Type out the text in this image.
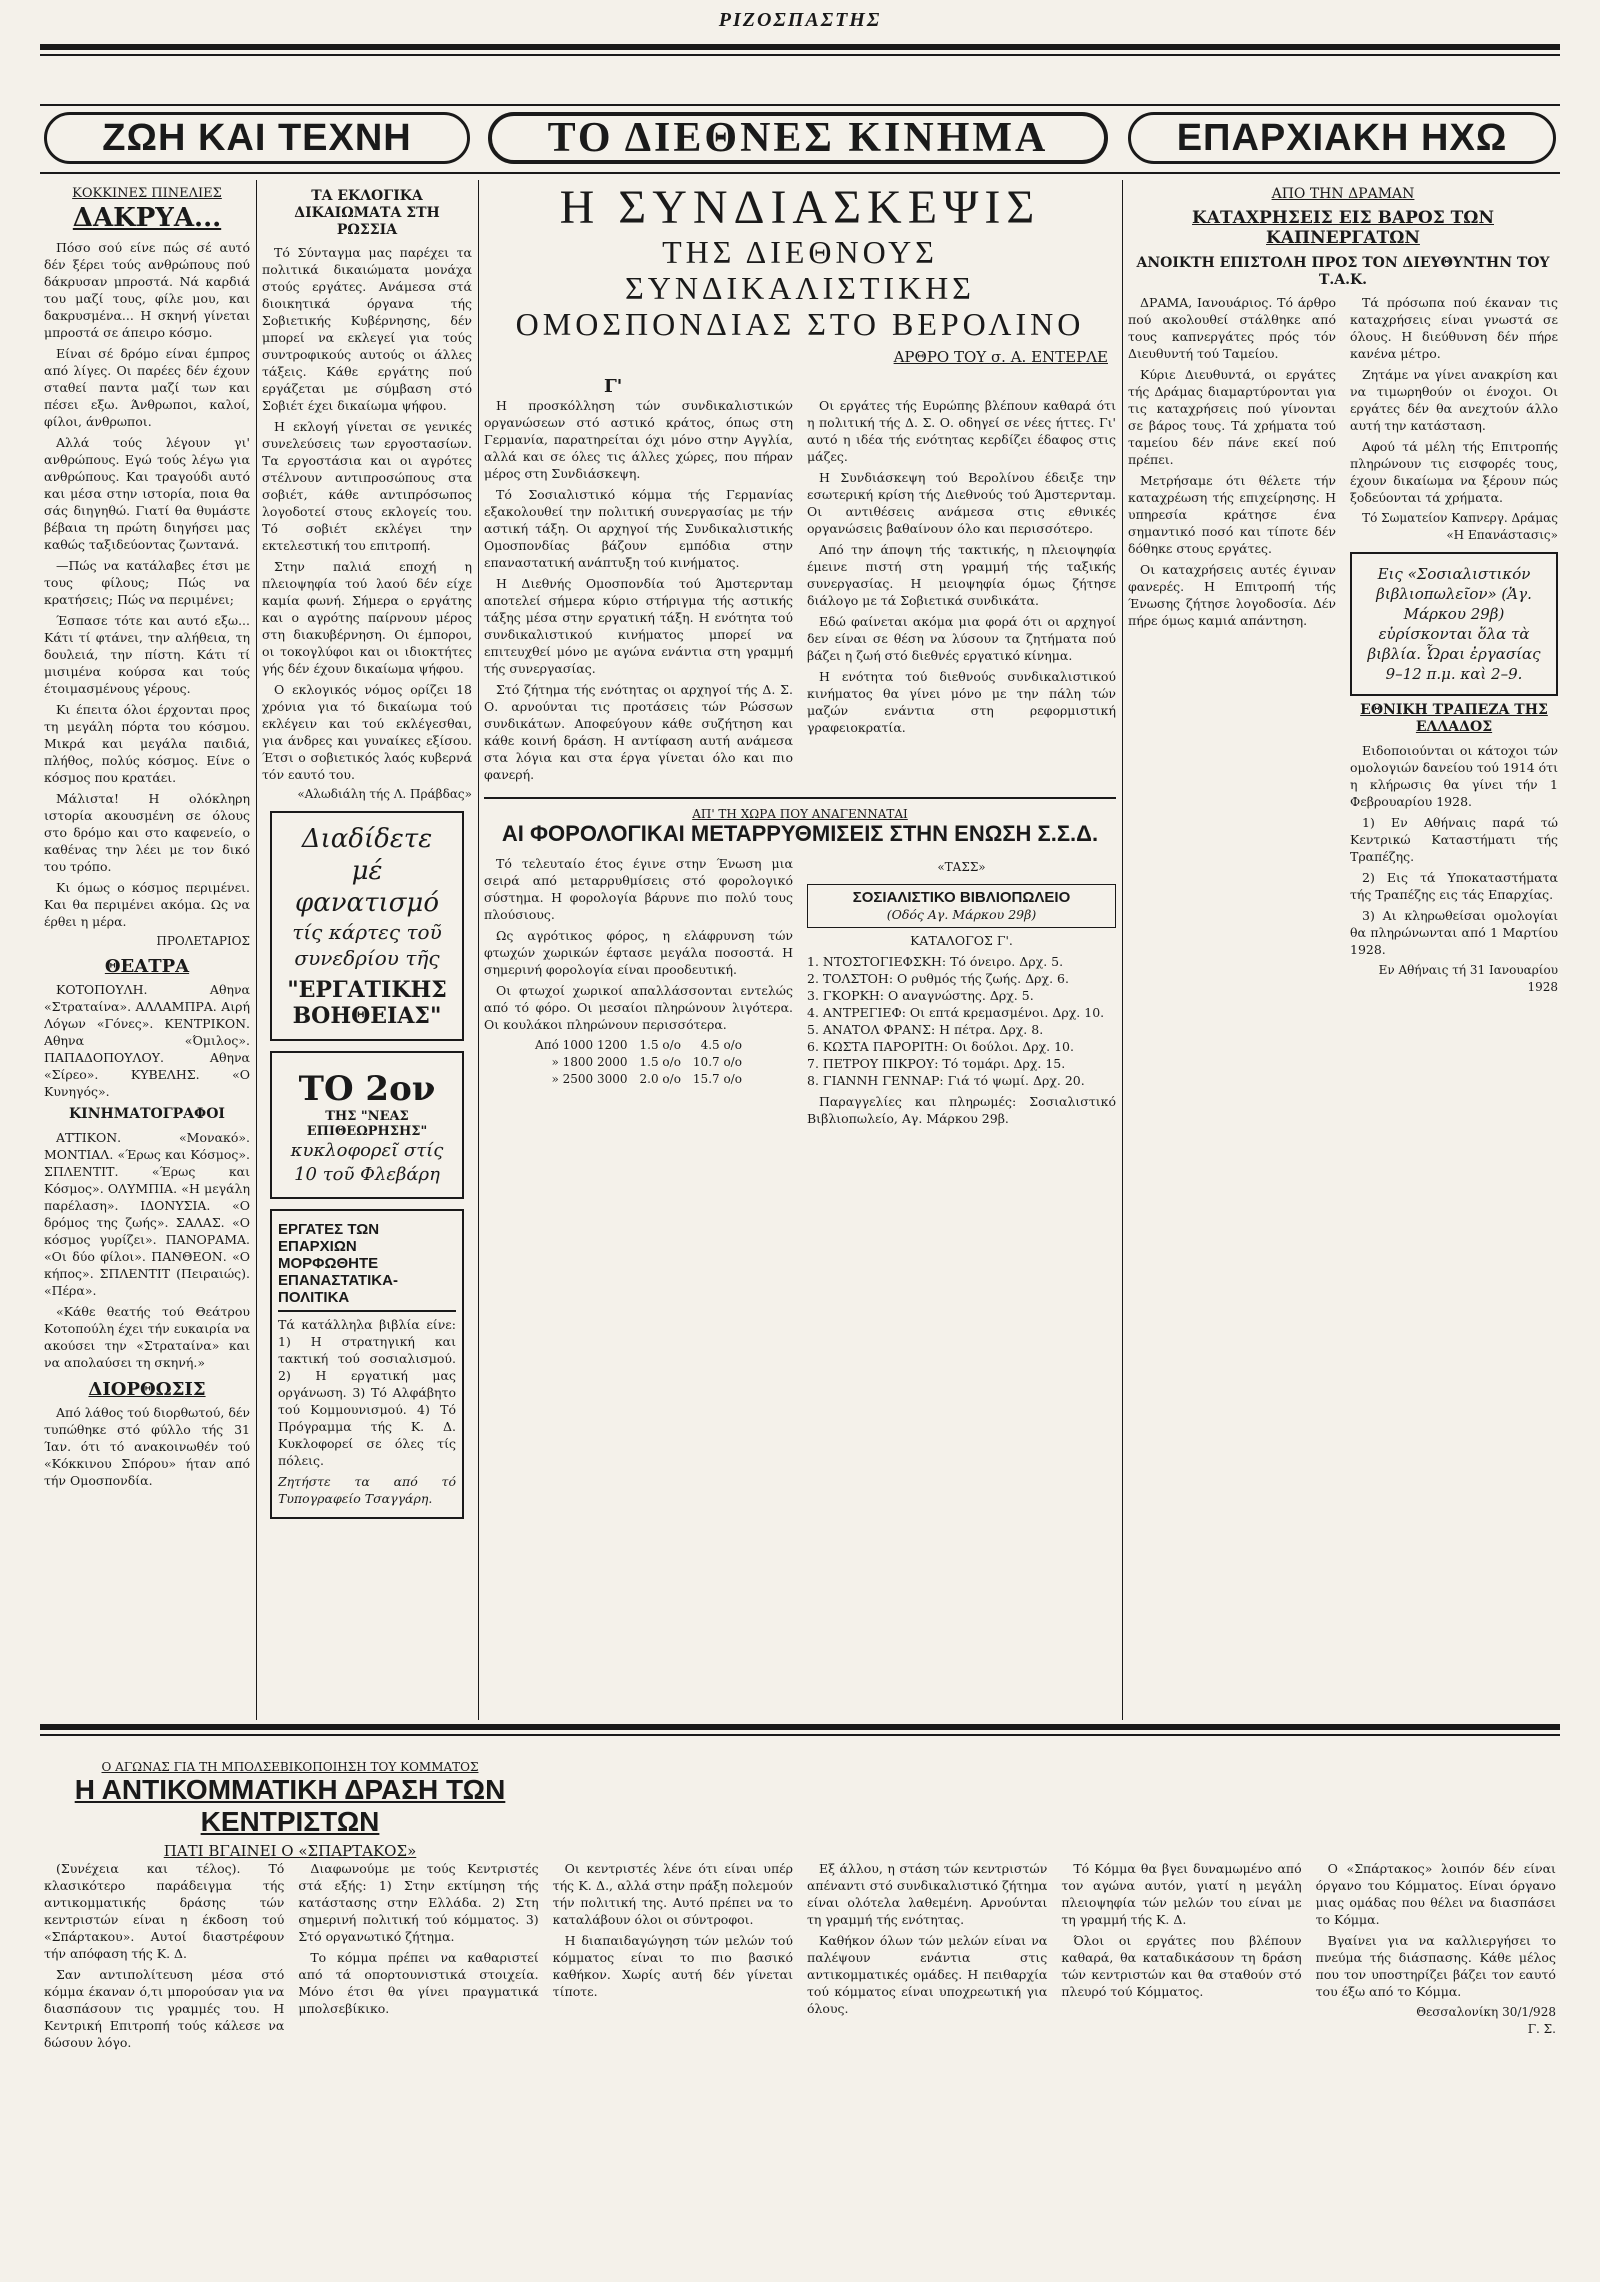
ΡΙΖΟΣΠΑΣΤΗΣ
ΖΩΗ ΚΑΙ ΤΕΧΝΗ	ΤΟ ΔΙΕΘΝΕΣ ΚΙΝΗΜΑ	ΕΠΑΡΧΙΑΚΗ ΗΧΩ
ΚΟΚΚΙΝΕΣ ΠΙΝΕΛΙΕΣ
ΔΑΚΡΥΑ...

Πόσο σού είνε πώς σέ αυτό δέν ξέρει τούς ανθρώπους πού δάκρυσαν μπροστά. Νά καρδιά του μαζί τους, φίλε μου, και δακρυσμένα... Η σκηνή γίνεται μπροστά σε άπειρο κόσμο.

Είναι σέ δρόμο είναι έμπρος από λίγες. Οι παρέες δέν έχουν σταθεί παντα μαζί των και πέσει εξω. Άνθρωποι, καλοί, φίλοι, άνθρωποι.

Αλλά τούς λέγουν γι' ανθρώπους. Εγώ τούς λέγω για ανθρώπους. Και τραγούδι αυτό και μέσα στην ιστορία, ποια θα σάς διηγηθώ. Γιατί θα θυμάστε βέβαια τη πρώτη διηγήσει μας καθώς ταξιδεύοντας ζωντανά.

—Πώς να κατάλαβες έτσι με τους φίλους; Πώς να κρατήσεις; Πώς να περιμένει;

Έσπασε τότε και αυτό εξω... Κάτι τί φτάνει, την αλήθεια, τη δουλειά, την πίστη. Κάτι τί μισιμένα κούρσα και τούς έτοιμασμένους γέρους.

Κι έπειτα όλοι έρχονται προς τη μεγάλη πόρτα του κόσμου. Μικρά και μεγάλα παιδιά, πλήθος, πολύς κόσμος. Είνε ο κόσμος που κρατάει.

Μάλιστα! Η ολόκληρη ιστορία ακουσμένη σε όλους στο δρόμο και στο καφενείο, ο καθένας την λέει με τον δικό του τρόπο.

Κι όμως ο κόσμος περιμένει. Και θα περιμένει ακόμα. Ως να έρθει η μέρα.

ΠΡΟΛΕΤΑΡΙΟΣ
ΘΕΑΤΡΑ

ΚΟΤΟΠΟΥΛΗ. Αθηνα «Στραταίνα». ΑΛΛΑΜΠΡΑ. Αιρή Λόγων «Γόνες». ΚΕΝΤΡΙΚΟΝ. Αθηνα «Όμιλος». ΠΑΠΑΔΟΠΟΥΛΟΥ. Αθηνα «Σίρεο». ΚΥΒΕΛΗΣ. «Ο Κυνηγός».

ΚΙΝΗΜΑΤΟΓΡΑΦΟΙ

ΑΤΤΙΚΟΝ. «Μονακό». ΜΟΝΤΙΑΛ. «Έρως και Κόσμος». ΣΠΛΕΝΤΙΤ. «Έρως και Κόσμος». ΟΛΥΜΠΙΑ. «Η μεγάλη παρέλαση». ΙΔΟΝΥΣΙΑ. «Ο δρόμος της ζωής». ΣΑΛΑΣ. «Ο κόσμος γυρίζει». ΠΑΝΟΡΑΜΑ. «Οι δύο φίλοι». ΠΑΝΘΕΟΝ. «Ο κήπος». ΣΠΛΕΝΤΙΤ (Πειραιώς). «Πέρα».

«Κάθε θεατής τού Θεάτρου Κοτοπούλη έχει τήν ευκαιρία να ακούσει την «Στραταίνα» και να απολαύσει τη σκηνή.»

ΔΙΟΡΘΩΣΙΣ

Από λάθος τού διορθωτού, δέν τυπώθηκε στό φύλλο τής 31 Ίαν. ότι τό ανακοινωθέν τού «Κόκκινου Σπόρου» ήταν από τήν Ομοσπονδία.

ΤΑ ΕΚΛΟΓΙΚΑ ΔΙΚΑΙΩΜΑΤΑ ΣΤΗ ΡΩΣΣΙΑ

Τό Σύνταγμα μας παρέχει τα πολιτικά δικαιώματα μονάχα στούς εργάτες. Ανάμεσα στά διοικητικά όργανα τής Σοβιετικής Κυβέρνησης, δέν μπορεί να εκλεγεί για τούς συντροφικούς αυτούς οι άλλες τάξεις. Κάθε εργάτης πού εργάζεται με σύμβαση στό Σοβιέτ έχει δικαίωμα ψήφου.

Η εκλογή γίνεται σε γενικές συνελεύσεις των εργοστασίων. Τα εργοστάσια και οι αγρότες στέλνουν αντιπροσώπους στα σοβιέτ, κάθε αντιπρόσωπος λογοδοτεί στους εκλογείς του. Τό σοβιέτ εκλέγει την εκτελεστική του επιτροπή.

Στην παλιά εποχή η πλειοψηφία τού λαού δέν είχε καμία φωνή. Σήμερα ο εργάτης και ο αγρότης παίρνουν μέρος στη διακυβέρνηση. Οι έμποροι, οι τοκογλύφοι και οι ιδιοκτήτες γής δέν έχουν δικαίωμα ψήφου.

Ο εκλογικός νόμος ορίζει 18 χρόνια για τό δικαίωμα τού εκλέγειν και τού εκλέγεσθαι, για άνδρες και γυναίκες εξίσου. Έτσι ο σοβιετικός λαός κυβερνά τόν εαυτό του.

«Αλωδιάλη τής Λ. Πράβδας»
Διαδίδετε
μέ φανατισμό
τίς κάρτες τοῦ συνεδρίου τῆς
"ΕΡΓΑΤΙΚΗΣ ΒΟΗΘΕΙΑΣ"
ΤΟ 2ον
ΤΗΣ "ΝΕΑΣ ΕΠΙΘΕΩΡΗΣΗΣ"
κυκλοφορεῖ στίς 10 τοῦ Φλεβάρη
ΕΡΓΑΤΕΣ ΤΩΝ ΕΠΑΡΧΙΩΝ ΜΟΡΦΩΘΗΤΕ ΕΠΑΝΑΣΤΑΤΙΚΑ-ΠΟΛΙΤΙΚΑ
Τά κατάλληλα βιβλία είνε: 1) Η στρατηγική και τακτική τού σοσιαλισμού. 2) Η εργατική μας οργάνωση. 3) Τό Αλφάβητο τού Κομμουνισμού. 4) Τό Πρόγραμμα τής Κ. Δ. Κυκλοφορεί σε όλες τίς πόλεις.
Ζητήστε τα από τό Τυπογραφείο Τσαγγάρη.
Η ΣΥΝΔΙΑΣΚΕΨΙΣ
ΤΗΣ ΔΙΕΘΝΟΥΣ ΣΥΝΔΙΚΑΛΙΣΤΙΚΗΣ
ΟΜΟΣΠΟΝΔΙΑΣ ΣΤΟ ΒΕΡΟΛΙΝΟ
ΑΡΘΡΟ ΤΟΥ σ. Α. ΕΝΤΕΡΛΕ
Γ'

Η προσκόλληση τών συνδικαλιστικών οργανώσεων στό αστικό κράτος, όπως στη Γερμανία, παρατηρείται όχι μόνο στην Αγγλία, αλλά και σε όλες τις άλλες χώρες, που πήραν μέρος στη Συνδιάσκεψη.

Τό Σοσιαλιστικό κόμμα τής Γερμανίας εξακολουθεί την πολιτική συνεργασίας με τήν αστική τάξη. Οι αρχηγοί τής Συνδικαλιστικής Ομοσπονδίας βάζουν εμπόδια στην επαναστατική ανάπτυξη τού κινήματος.

Η Διεθνής Ομοσπονδία τού Άμστερνταμ αποτελεί σήμερα κύριο στήριγμα τής αστικής τάξης μέσα στην εργατική τάξη. Η ενότητα τού συνδικαλιστικού κινήματος μπορεί να επιτευχθεί μόνο με αγώνα ενάντια στη γραμμή τής συνεργασίας.

Στό ζήτημα τής ενότητας οι αρχηγοί τής Δ. Σ. Ο. αρνούνται τις προτάσεις τών Ρώσσων συνδικάτων. Αποφεύγουν κάθε συζήτηση και κάθε κοινή δράση. Η αντίφαση αυτή ανάμεσα στα λόγια και στα έργα γίνεται όλο και πιο φανερή.

Οι εργάτες τής Ευρώπης βλέπουν καθαρά ότι η πολιτική τής Δ. Σ. Ο. οδηγεί σε νέες ήττες. Γι' αυτό η ιδέα τής ενότητας κερδίζει έδαφος στις μάζες.

Η Συνδιάσκεψη τού Βερολίνου έδειξε την εσωτερική κρίση τής Διεθνούς τού Άμστερνταμ. Οι αντιθέσεις ανάμεσα στις εθνικές οργανώσεις βαθαίνουν όλο και περισσότερο.

Από την άποψη τής τακτικής, η πλειοψηφία έμεινε πιστή στη γραμμή τής ταξικής συνεργασίας. Η μειοψηφία όμως ζήτησε διάλογο με τά Σοβιετικά συνδικάτα.

Εδώ φαίνεται ακόμα μια φορά ότι οι αρχηγοί δεν είναι σε θέση να λύσουν τα ζητήματα πού βάζει η ζωή στό διεθνές εργατικό κίνημα.

Η ενότητα τού διεθνούς συνδικαλιστικού κινήματος θα γίνει μόνο με την πάλη τών μαζών ενάντια στη ρεφορμιστική γραφειοκρατία.

ΑΠ' ΤΗ ΧΩΡΑ ΠΟΥ ΑΝΑΓΕΝΝΑΤΑΙ
ΑΙ ΦΟΡΟΛΟΓΙΚΑΙ ΜΕΤΑΡΡΥΘΜΙΣΕΙΣ ΣΤΗΝ ΕΝΩΣΗ Σ.Σ.Δ.

Τό τελευταίο έτος έγινε στην Ένωση μια σειρά από μεταρρυθμίσεις στό φορολογικό σύστημα. Η φορολογία βάρυνε πιο πολύ τους πλούσιους.

Ως αγρότικος φόρος, η ελάφρυνση τών φτωχών χωρικών έφτασε μεγάλα ποσοστά. Η σημερινή φορολογία είναι προοδευτική.

Οι φτωχοί χωρικοί απαλλάσσονται εντελώς από τό φόρο. Οι μεσαίοι πληρώνουν λιγότερα. Οι κουλάκοι πληρώνουν περισσότερα.

Από 1000 1200	1.5 ο/ο	4.5 ο/ο
» 1800 2000	1.5 ο/ο	10.7 ο/ο
» 2500 3000	2.0 ο/ο	15.7 ο/ο
«ΤΑΣΣ»
ΣΟΣΙΑΛΙΣΤΙΚΟ ΒΙΒΛΙΟΠΩΛΕΙΟ
(Οδός Αγ. Μάρκου 29β)
ΚΑΤΑΛΟΓΟΣ Γ'.
1. ΝΤΟΣΤΟΓΙΕΦΣΚΗ: Τό όνειρο. Δρχ. 5.
2. ΤΟΛΣΤΟΗ: Ο ρυθμός τής ζωής. Δρχ. 6.
3. ΓΚΟΡΚΗ: Ο αναγνώστης. Δρχ. 5.
4. ΑΝΤΡΕΓΙΕΦ: Οι επτά κρεμασμένοι. Δρχ. 10.
5. ΑΝΑΤΟΛ ΦΡΑΝΣ: Η πέτρα. Δρχ. 8.
6. ΚΩΣΤΑ ΠΑΡΟΡΙΤΗ: Οι δούλοι. Δρχ. 10.
7. ΠΕΤΡΟΥ ΠΙΚΡΟΥ: Τό τομάρι. Δρχ. 15.
8. ΓΙΑΝΝΗ ΓΕΝΝΑΡ: Γιά τό ψωμί. Δρχ. 20.

Παραγγελίες και πληρωμές: Σοσιαλιστικό Βιβλιοπωλείο, Αγ. Μάρκου 29β.

ΑΠΟ ΤΗΝ ΔΡΑΜΑΝ
ΚΑΤΑΧΡΗΣΕΙΣ ΕΙΣ ΒΑΡΟΣ ΤΩΝ ΚΑΠΝΕΡΓΑΤΩΝ
ΑΝΟΙΚΤΗ ΕΠΙΣΤΟΛΗ ΠΡΟΣ ΤΟΝ ΔΙΕΥΘΥΝΤΗΝ ΤΟΥ Τ.Α.Κ.

ΔΡΑΜΑ, Ιανουάριος. Τό άρθρο πού ακολουθεί στάλθηκε από τους καπνεργάτες πρός τόν Διευθυντή τού Ταμείου.

Κύριε Διευθυντά, οι εργάτες τής Δράμας διαμαρτύρονται για τις καταχρήσεις πού γίνονται σε βάρος τους. Τά χρήματα τού ταμείου δέν πάνε εκεί πού πρέπει.

Μετρήσαμε ότι θέλετε τήν καταχρέωση τής επιχείρησης. Η υπηρεσία κράτησε ένα σημαντικό ποσό και τίποτε δέν δόθηκε στους εργάτες.

Οι καταχρήσεις αυτές έγιναν φανερές. Η Επιτροπή τής Ένωσης ζήτησε λογοδοσία. Δέν πήρε όμως καμιά απάντηση.

Τά πρόσωπα πού έκαναν τις καταχρήσεις είναι γνωστά σε όλους. Η διεύθυνση δέν πήρε κανένα μέτρο.

Ζητάμε να γίνει ανακρίση και να τιμωρηθούν οι ένοχοι. Οι εργάτες δέν θα ανεχτούν άλλο αυτή την κατάσταση.

Αφού τά μέλη τής Επιτροπής πληρώνουν τις εισφορές τους, έχουν δικαίωμα να ξέρουν πώς ξοδεύονται τά χρήματα.

Τό Σωματείον Καπνεργ. Δράμας «Η Επανάστασις»
Εις «Σοσιαλιστικόν βιβλιοπωλεῖον» (Ἁγ. Μάρκου 29β) εὑρίσκονται ὅλα τὰ βιβλία. Ὧραι ἐργασίας 9–12 π.μ. καὶ 2–9.
ΕΘΝΙΚΗ ΤΡΑΠΕΖΑ ΤΗΣ ΕΛΛΑΔΟΣ

Ειδοποιούνται οι κάτοχοι τών ομολογιών δανείου τού 1914 ότι η κλήρωσις θα γίνει τήν 1 Φεβρουαρίου 1928.

1) Εν Αθήναις παρά τώ Κεντρικώ Καταστήματι τής Τραπέζης.

2) Εις τά Υποκαταστήματα τής Τραπέζης εις τάς Επαρχίας.

3) Αι κληρωθείσαι ομολογίαι θα πληρώνωνται από 1 Μαρτίου 1928.

Εν Αθήναις τή 31 Ιανουαρίου 1928
Ο ΑΓΩΝΑΣ ΓΙΑ ΤΗ ΜΠΟΛΣΕΒΙΚΟΠΟΙΗΣΗ ΤΟΥ ΚΟΜΜΑΤΟΣ
Η ΑΝΤΙΚΟΜΜΑΤΙΚΗ ΔΡΑΣΗ ΤΩΝ ΚΕΝΤΡΙΣΤΩΝ
ΠΑΤΙ ΒΓΑΙΝΕΙ Ο «ΣΠΑΡΤΑΚΟΣ»

(Συνέχεια και τέλος). Τό κλασικότερο παράδειγμα τής αντικομματικής δράσης τών κεντριστών είναι η έκδοση τού «Σπάρτακου». Αυτοί διαστρέφουν τήν απόφαση τής Κ. Δ.

Σαν αντιπολίτευση μέσα στό κόμμα έκαναν ό,τι μπορούσαν για να διασπάσουν τις γραμμές του. Η Κεντρική Επιτροπή τούς κάλεσε να δώσουν λόγο.

Διαφωνούμε με τούς Κεντριστές στά εξής: 1) Στην εκτίμηση τής κατάστασης στην Ελλάδα. 2) Στη σημερινή πολιτική τού κόμματος. 3) Στό οργανωτικό ζήτημα.

Το κόμμα πρέπει να καθαριστεί από τά οπορτουνιστικά στοιχεία. Μόνο έτσι θα γίνει πραγματικά μπολσεβίκικο.

Οι κεντριστές λένε ότι είναι υπέρ τής Κ. Δ., αλλά στην πράξη πολεμούν τήν πολιτική της. Αυτό πρέπει να το καταλάβουν όλοι οι σύντροφοι.

Η διαπαιδαγώγηση τών μελών τού κόμματος είναι το πιο βασικό καθήκον. Χωρίς αυτή δέν γίνεται τίποτε.

Εξ άλλου, η στάση τών κεντριστών απέναντι στό συνδικαλιστικό ζήτημα είναι ολότελα λαθεμένη. Αρνούνται τη γραμμή τής ενότητας.

Καθήκον όλων τών μελών είναι να παλέψουν ενάντια στις αντικομματικές ομάδες. Η πειθαρχία τού κόμματος είναι υποχρεωτική για όλους.

Τό Κόμμα θα βγει δυναμωμένο από τον αγώνα αυτόν, γιατί η μεγάλη πλειοψηφία τών μελών του είναι με τη γραμμή τής Κ. Δ.

Όλοι οι εργάτες που βλέπουν καθαρά, θα καταδικάσουν τη δράση τών κεντριστών και θα σταθούν στό πλευρό τού Κόμματος.

Ο «Σπάρτακος» λοιπόν δέν είναι όργανο του Κόμματος. Είναι όργανο μιας ομάδας που θέλει να διασπάσει το Κόμμα.

Βγαίνει για να καλλιεργήσει το πνεύμα τής διάσπασης. Κάθε μέλος που τον υποστηρίζει βάζει τον εαυτό του έξω από το Κόμμα.

Θεσσαλονίκη 30/1/928
Γ. Σ.
